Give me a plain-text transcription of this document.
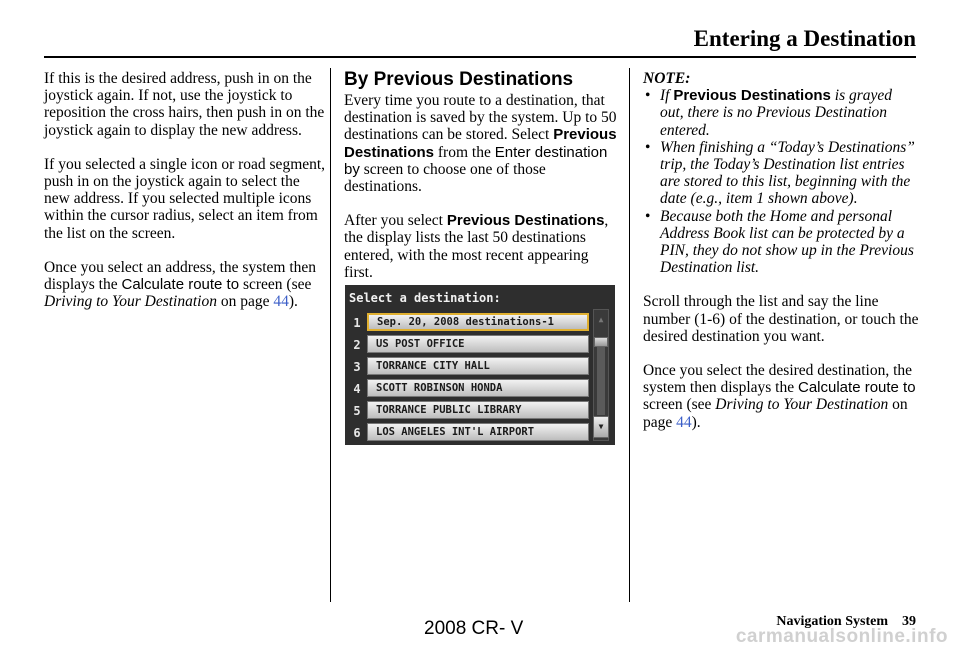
Entering a Destination

If this is the desired address, push in on the joystick again. If not, use the joystick to reposition the cross hairs, then push in on the joystick again to display the new address.

If you selected a single icon or road segment, push in on the joystick again to select the new address. If you selected multiple icons within the cursor radius, select an item from the list on the screen.

Once you select an address, the system then displays the Calculate route to screen (see Driving to Your Destination on page 44).

By Previous Destinations

Every time you route to a destination, that destination is saved by the system. Up to 50 destinations can be stored. Select Previous Destinations from the Enter destination by screen to choose one of those destinations.

After you select Previous Destinations, the display lists the last 50 destinations entered, with the most recent appearing first.

Select a destination:
1	Sep. 20, 2008 destinations-1
2	US POST OFFICE
3	TORRANCE CITY HALL
4	SCOTT ROBINSON HONDA
5	TORRANCE PUBLIC LIBRARY
6	LOS ANGELES INT'L AIRPORT
▲
▼
NOTE:
• If Previous Destinations is grayed out, there is no Previous Destination entered.
• When finishing a “Today’s Destinations” trip, the Today’s Destination list entries are stored to this list, beginning with the date (e.g., item 1 shown above).
• Because both the Home and personal Address Book list can be protected by a PIN, they do not show up in the Previous Destination list.

Scroll through the list and say the line number (1-6) of the destination, or touch the desired destination you want.

Once you select the desired destination, the system then displays the Calculate route to screen (see Driving to Your Destination on page 44).

Navigation System 39
2008 CR- V	carmanualsonline.info
